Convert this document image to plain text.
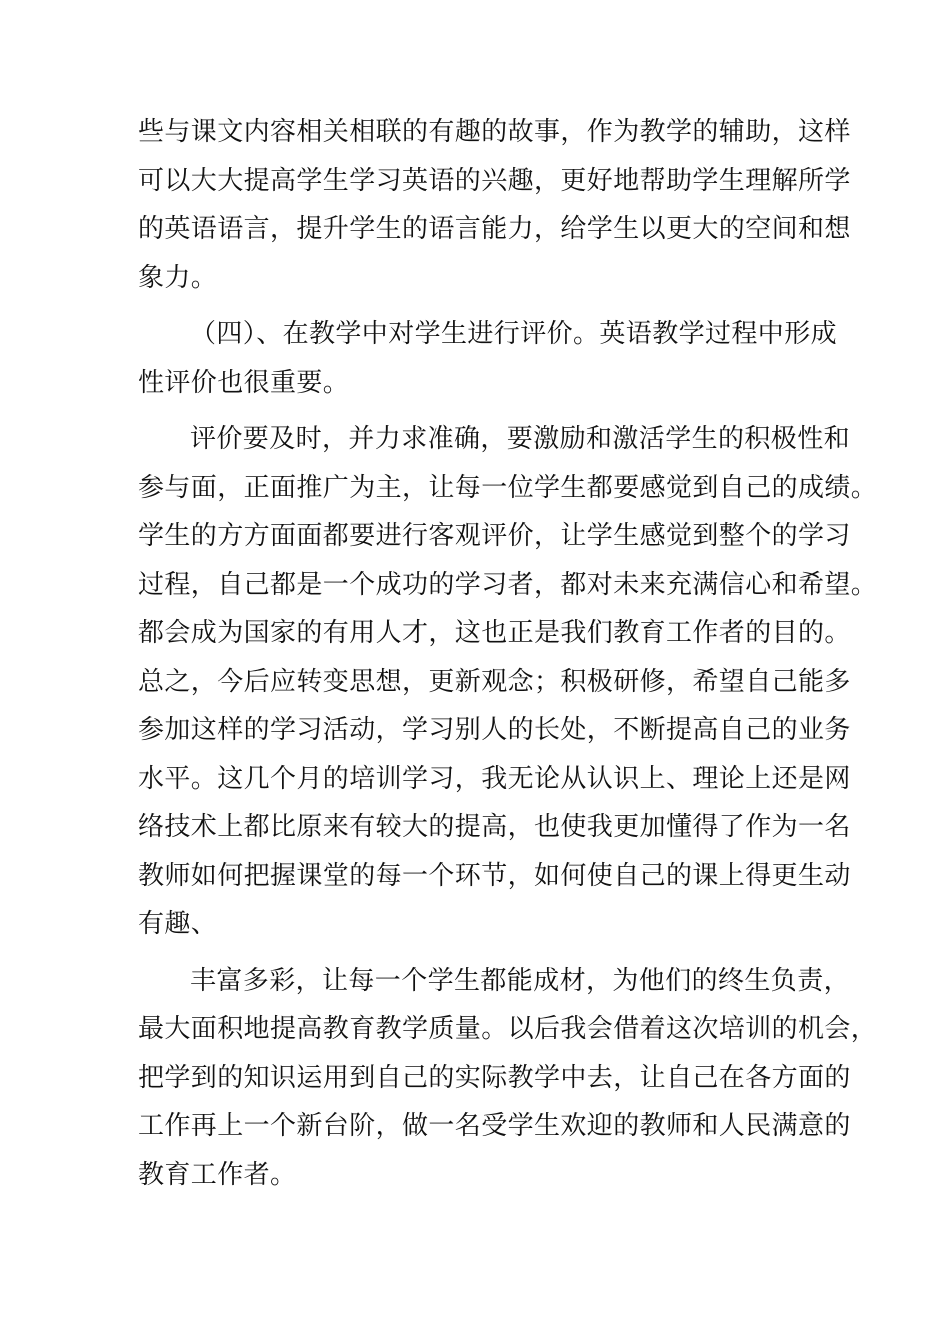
些与课文内容相关相联的有趣的故事，作为教学的辅助，这样
可以大大提高学生学习英语的兴趣，更好地帮助学生理解所学
的英语语言，提升学生的语言能力，给学生以更大的空间和想
象力。
（四）、在教学中对学生进行评价。英语教学过程中形成
性评价也很重要。
评价要及时，并力求准确，要激励和激活学生的积极性和
参与面，正面推广为主，让每一位学生都要感觉到自己的成绩。
学生的方方面面都要进行客观评价，让学生感觉到整个的学习
过程，自己都是一个成功的学习者，都对未来充满信心和希望。
都会成为国家的有用人才，这也正是我们教育工作者的目的。
总之，今后应转变思想，更新观念；积极研修，希望自己能多
参加这样的学习活动，学习别人的长处，不断提高自己的业务
水平。这几个月的培训学习，我无论从认识上、理论上还是网
络技术上都比原来有较大的提高，也使我更加懂得了作为一名
教师如何把握课堂的每一个环节，如何使自己的课上得更生动
有趣、
丰富多彩，让每一个学生都能成材，为他们的终生负责，
最大面积地提高教育教学质量。以后我会借着这次培训的机会，
把学到的知识运用到自己的实际教学中去，让自己在各方面的
工作再上一个新台阶，做一名受学生欢迎的教师和人民满意的
教育工作者。
